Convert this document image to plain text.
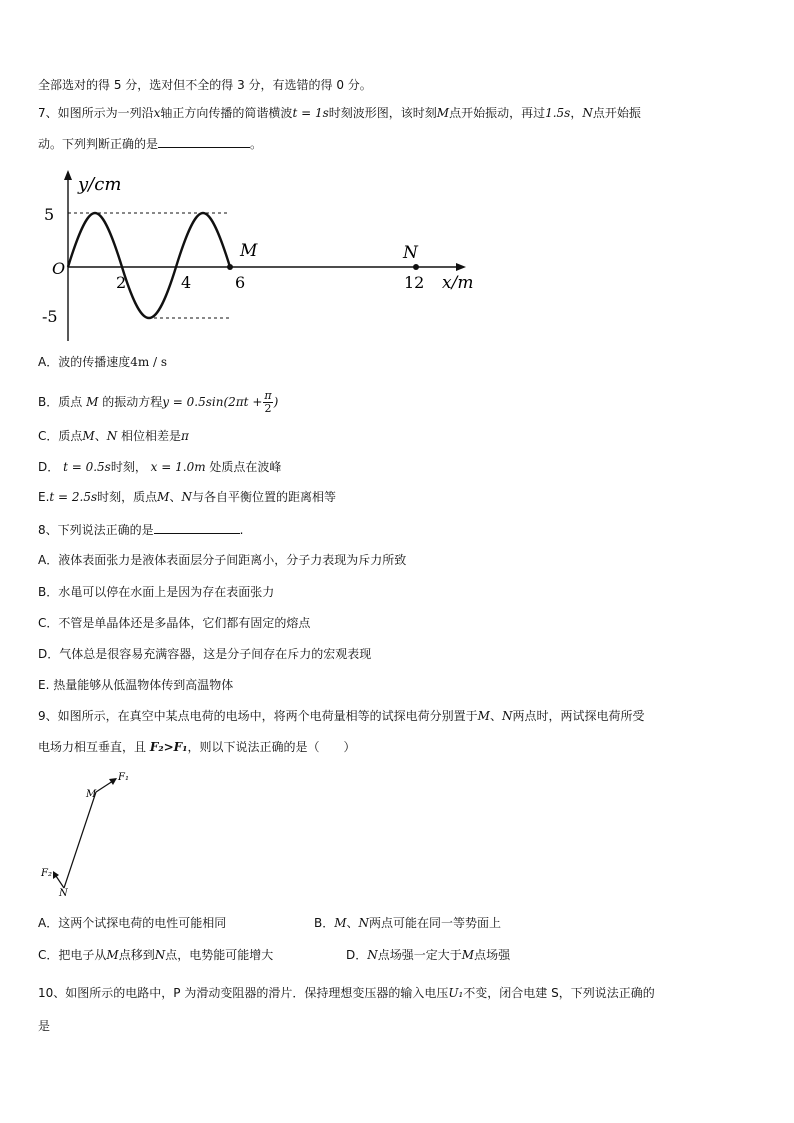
全部选对的得 5 分，选对但不全的得 3 分，有选错的得 0 分。
7、如图所示为一列沿x轴正方向传播的简谐横波t = 1s时刻波形图，该时刻M点开始振动，再过1.5s，N点开始振
动。下列判断正确的是	。
y/cm
5
O
-5
2	4	6	12
M	N
x/m
A．波的传播速度4m / s
B．质点 M 的振动方程$y = 0.5\sin(2\pi t + \frac{\pi}{2}$ )
C．质点M、N 相位相差是π
D． t = 0.5s时刻， x = 1.0m 处质点在波峰
E.t = 2.5s时刻，质点M、N与各自平衡位置的距离相等
8、下列说法正确的是	.
A．液体表面张力是液体表面层分子间距离小，分子力表现为斥力所致
B．水黾可以停在水面上是因为存在表面张力
C．不管是单晶体还是多晶体，它们都有固定的熔点
D．气体总是很容易充满容器，这是分子间存在斥力的宏观表现
E. 热量能够从低温物体传到高温物体
9、如图所示，在真空中某点电荷的电场中，将两个电荷量相等的试探电荷分别置于M、N两点时，两试探电荷所受
电场力相互垂直，且 F₂>F₁，则以下说法正确的是（　　）
F₁
M
F₂
N
A．这两个试探电荷的电性可能相同	B．M、N两点可能在同一等势面上
C．把电子从M点移到N点，电势能可能增大	D．N点场强一定大于M点场强
10、如图所示的电路中，P 为滑动变阻器的滑片．保持理想变压器的输入电压U₁不变，闭合电建 S，下列说法正确的
是
